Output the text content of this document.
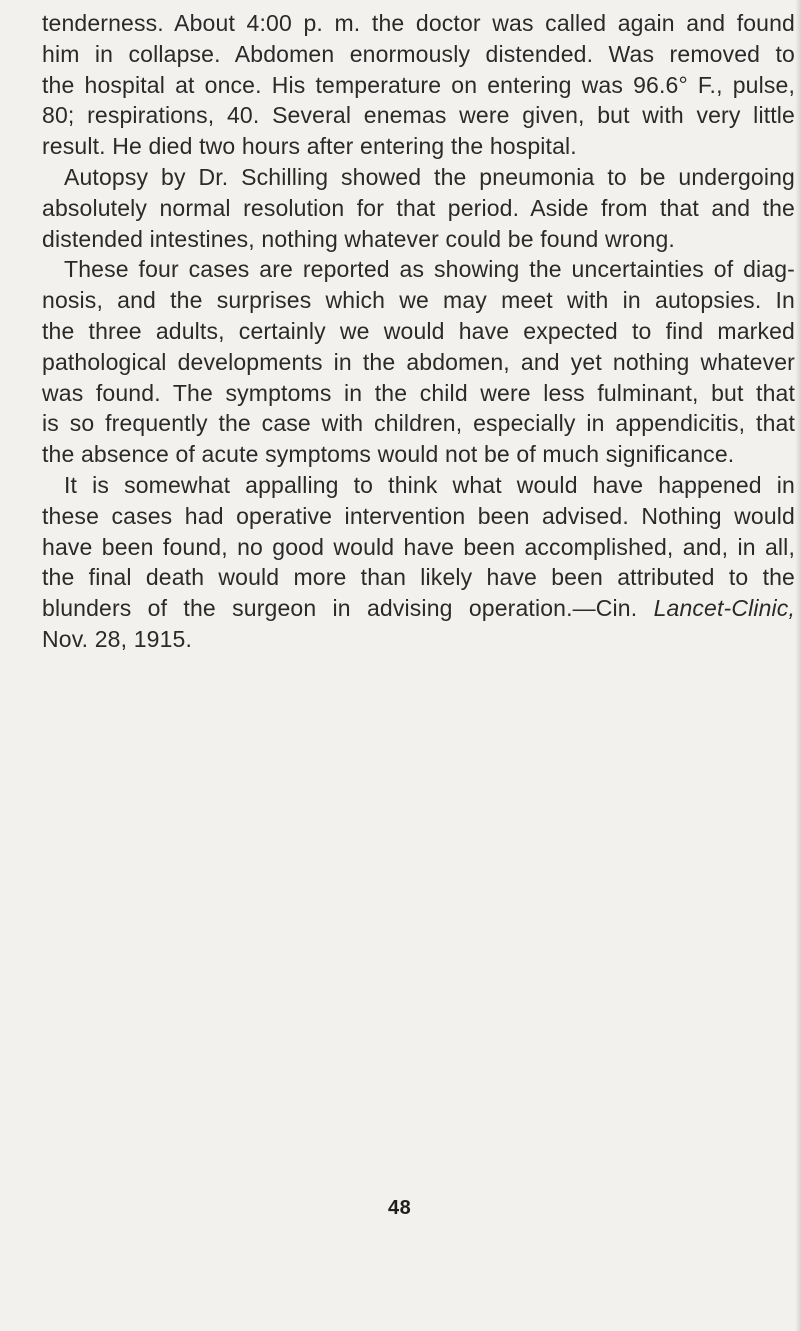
tenderness. About 4:00 p. m. the doctor was called again and found
him in collapse. Abdomen enormously distended. Was removed to
the hospital at once. His temperature on entering was 96.6° F., pulse,
80; respirations, 40. Several enemas were given, but with very little
result. He died two hours after entering the hospital.
Autopsy by Dr. Schilling showed the pneumonia to be undergoing
absolutely normal resolution for that period. Aside from that and the
distended intestines, nothing whatever could be found wrong.
These four cases are reported as showing the uncertainties of diag-
nosis, and the surprises which we may meet with in autopsies. In
the three adults, certainly we would have expected to find marked
pathological developments in the abdomen, and yet nothing whatever
was found. The symptoms in the child were less fulminant, but that
is so frequently the case with children, especially in appendicitis, that
the absence of acute symptoms would not be of much significance.
It is somewhat appalling to think what would have happened in
these cases had operative intervention been advised. Nothing would
have been found, no good would have been accomplished, and, in all,
the final death would more than likely have been attributed to the
blunders of the surgeon in advising operation.—Cin. Lancet-Clinic,
Nov. 28, 1915.
48
